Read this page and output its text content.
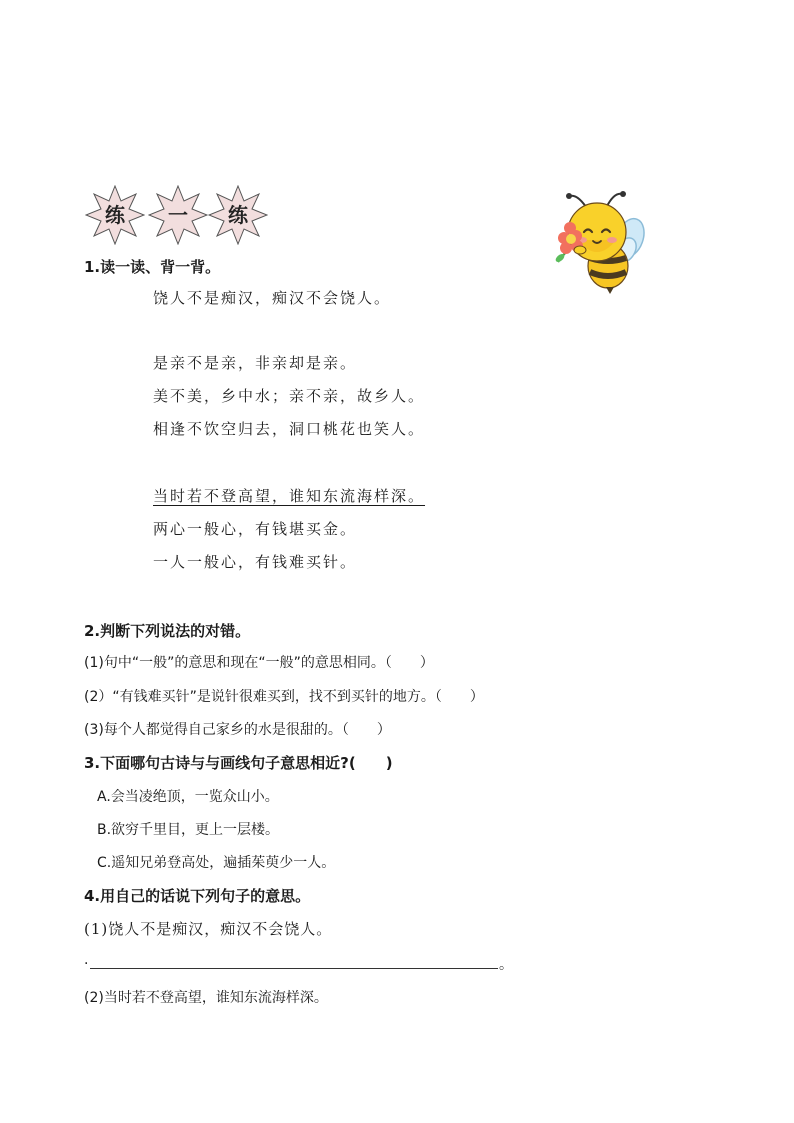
练	一	练
1.读一读、背一背。
饶人不是痴汉，痴汉不会饶人。
是亲不是亲，非亲却是亲。
美不美，乡中水；亲不亲，故乡人。
相逢不饮空归去，洞口桃花也笑人。
当时若不登高望，谁知东流海样深。
两心一般心，有钱堪买金。
一人一般心，有钱难买针。
2.判断下列说法的对错。
(1)句中“一般”的意思和现在“一般”的意思相同。（　　）
(2）“有钱难买针”是说针很难买到，找不到买针的地方。（　　）
(3)每个人都觉得自己家乡的水是很甜的。（　　）
3.下面哪句古诗与与画线句子意思相近?(　　)
A.会当凌绝顶，一览众山小。
B.欲穷千里目，更上一层楼。
C.遥知兄弟登高处，遍插茱萸少一人。
4.用自己的话说下列句子的意思。
(1)饶人不是痴汉，痴汉不会饶人。
.	。
(2)当时若不登高望，谁知东流海样深。
